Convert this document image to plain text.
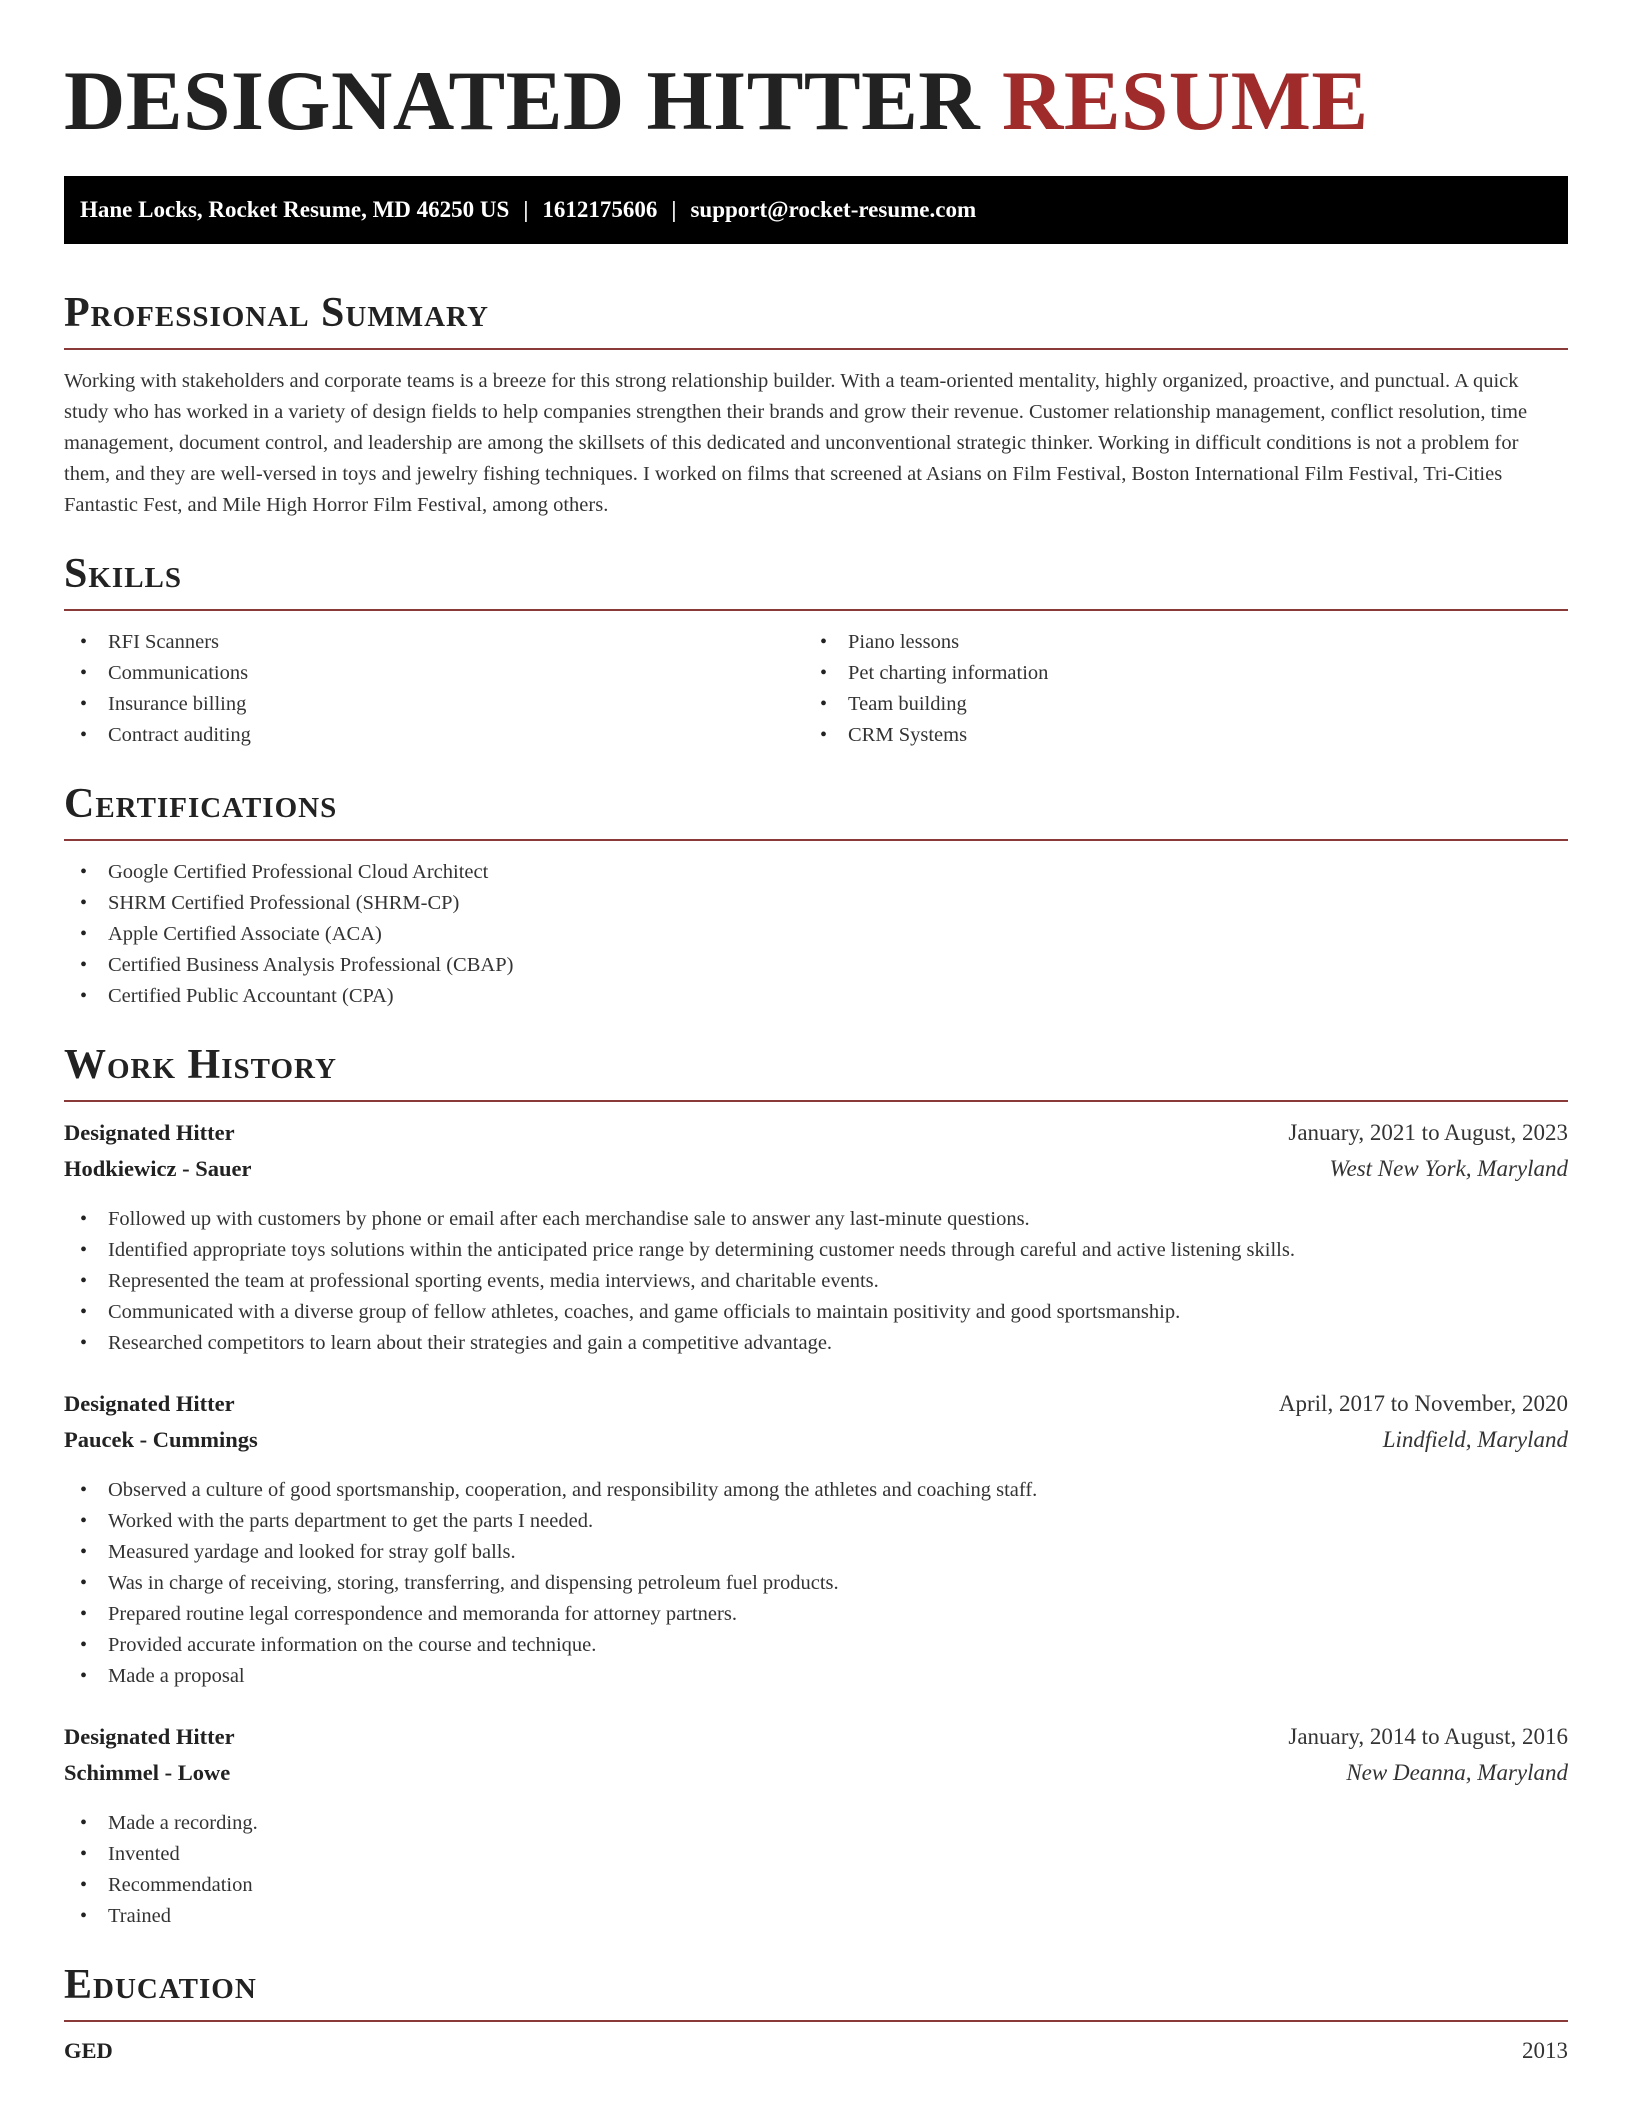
DESIGNATED HITTER RESUME
Hane Locks, Rocket Resume, MD 46250 US | 1612175606 | support@rocket-resume.com
Professional Summary

Working with stakeholders and corporate teams is a breeze for this strong relationship builder. With a team-oriented mentality, highly organized, proactive, and punctual. A quick study who has worked in a variety of design fields to help companies strengthen their brands and grow their revenue. Customer relationship management, conflict resolution, time management, document control, and leadership are among the skillsets of this dedicated and unconventional strategic thinker. Working in difficult conditions is not a problem for them, and they are well-versed in toys and jewelry fishing techniques. I worked on films that screened at Asians on Film Festival, Boston International Film Festival, Tri-Cities Fantastic Fest, and Mile High Horror Film Festival, among others.

Skills
• RFI Scanners
• Communications
• Insurance billing
• Contract auditing
• Piano lessons
• Pet charting information
• Team building
• CRM Systems
Certifications
• Google Certified Professional Cloud Architect
• SHRM Certified Professional (SHRM-CP)
• Apple Certified Associate (ACA)
• Certified Business Analysis Professional (CBAP)
• Certified Public Accountant (CPA)
Work History
Designated Hitter	January, 2021 to August, 2023
Hodkiewicz - Sauer	West New York, Maryland
• Followed up with customers by phone or email after each merchandise sale to answer any last-minute questions.
• Identified appropriate toys solutions within the anticipated price range by determining customer needs through careful and active listening skills.
• Represented the team at professional sporting events, media interviews, and charitable events.
• Communicated with a diverse group of fellow athletes, coaches, and game officials to maintain positivity and good sportsmanship.
• Researched competitors to learn about their strategies and gain a competitive advantage.
Designated Hitter	April, 2017 to November, 2020
Paucek - Cummings	Lindfield, Maryland
• Observed a culture of good sportsmanship, cooperation, and responsibility among the athletes and coaching staff.
• Worked with the parts department to get the parts I needed.
• Measured yardage and looked for stray golf balls.
• Was in charge of receiving, storing, transferring, and dispensing petroleum fuel products.
• Prepared routine legal correspondence and memoranda for attorney partners.
• Provided accurate information on the course and technique.
• Made a proposal
Designated Hitter	January, 2014 to August, 2016
Schimmel - Lowe	New Deanna, Maryland
• Made a recording.
• Invented
• Recommendation
• Trained
Education
GED	2013
